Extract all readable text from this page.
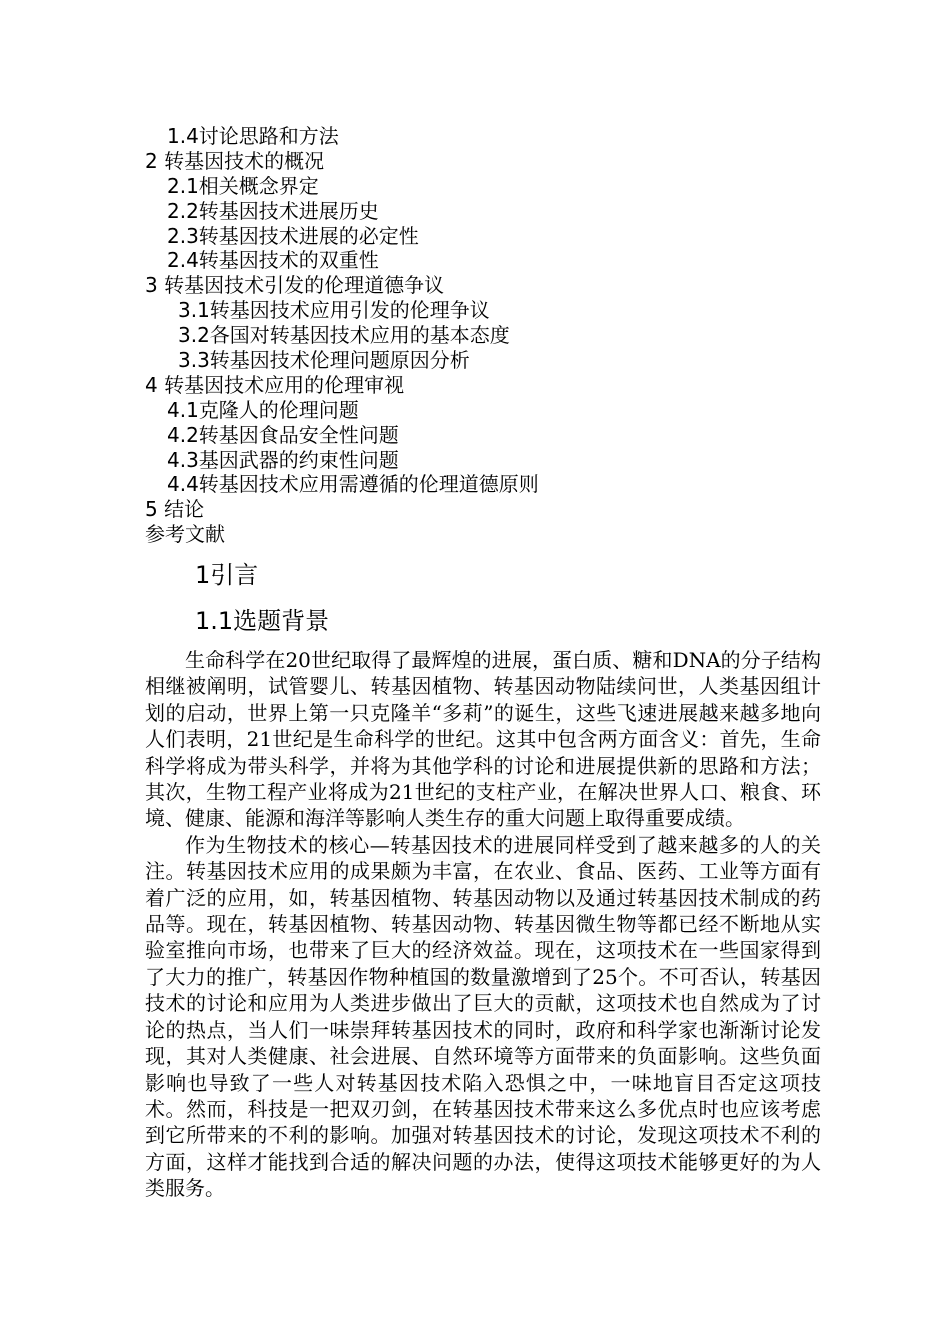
1.4讨论思路和方法
2 转基因技术的概况
2.1相关概念界定
2.2转基因技术进展历史
2.3转基因技术进展的必定性
2.4转基因技术的双重性
3 转基因技术引发的伦理道德争议
3.1转基因技术应用引发的伦理争议
3.2各国对转基因技术应用的基本态度
3.3转基因技术伦理问题原因分析
4 转基因技术应用的伦理审视
4.1克隆人的伦理问题
4.2转基因食品安全性问题
4.3基因武器的约束性问题
4.4转基因技术应用需遵循的伦理道德原则
5 结论
参考文献
1引言
1.1选题背景

生命科学在20世纪取得了最辉煌的进展，蛋白质、糖和DNA的分子结构相继被阐明，试管婴儿、转基因植物、转基因动物陆续问世，人类基因组计划的启动，世界上第一只克隆羊“多莉”的诞生，这些飞速进展越来越多地向人们表明，21世纪是生命科学的世纪。这其中包含两方面含义：首先，生命科学将成为带头科学，并将为其他学科的讨论和进展提供新的思路和方法；其次，生物工程产业将成为21世纪的支柱产业，在解决世界人口、粮食、环境、健康、能源和海洋等影响人类生存的重大问题上取得重要成绩。

作为生物技术的核心—转基因技术的进展同样受到了越来越多的人的关注。转基因技术应用的成果颇为丰富，在农业、食品、医药、工业等方面有着广泛的应用，如，转基因植物、转基因动物以及通过转基因技术制成的药品等。现在，转基因植物、转基因动物、转基因微生物等都已经不断地从实验室推向市场，也带来了巨大的经济效益。现在，这项技术在一些国家得到了大力的推广，转基因作物种植国的数量激增到了25个。不可否认，转基因技术的讨论和应用为人类进步做出了巨大的贡献，这项技术也自然成为了讨论的热点，当人们一味崇拜转基因技术的同时，政府和科学家也渐渐讨论发现，其对人类健康、社会进展、自然环境等方面带来的负面影响。这些负面影响也导致了一些人对转基因技术陷入恐惧之中，一味地盲目否定这项技术。然而，科技是一把双刃剑，在转基因技术带来这么多优点时也应该考虑到它所带来的不利的影响。加强对转基因技术的讨论，发现这项技术不利的方面，这样才能找到合适的解决问题的办法，使得这项技术能够更好的为人类服务。
